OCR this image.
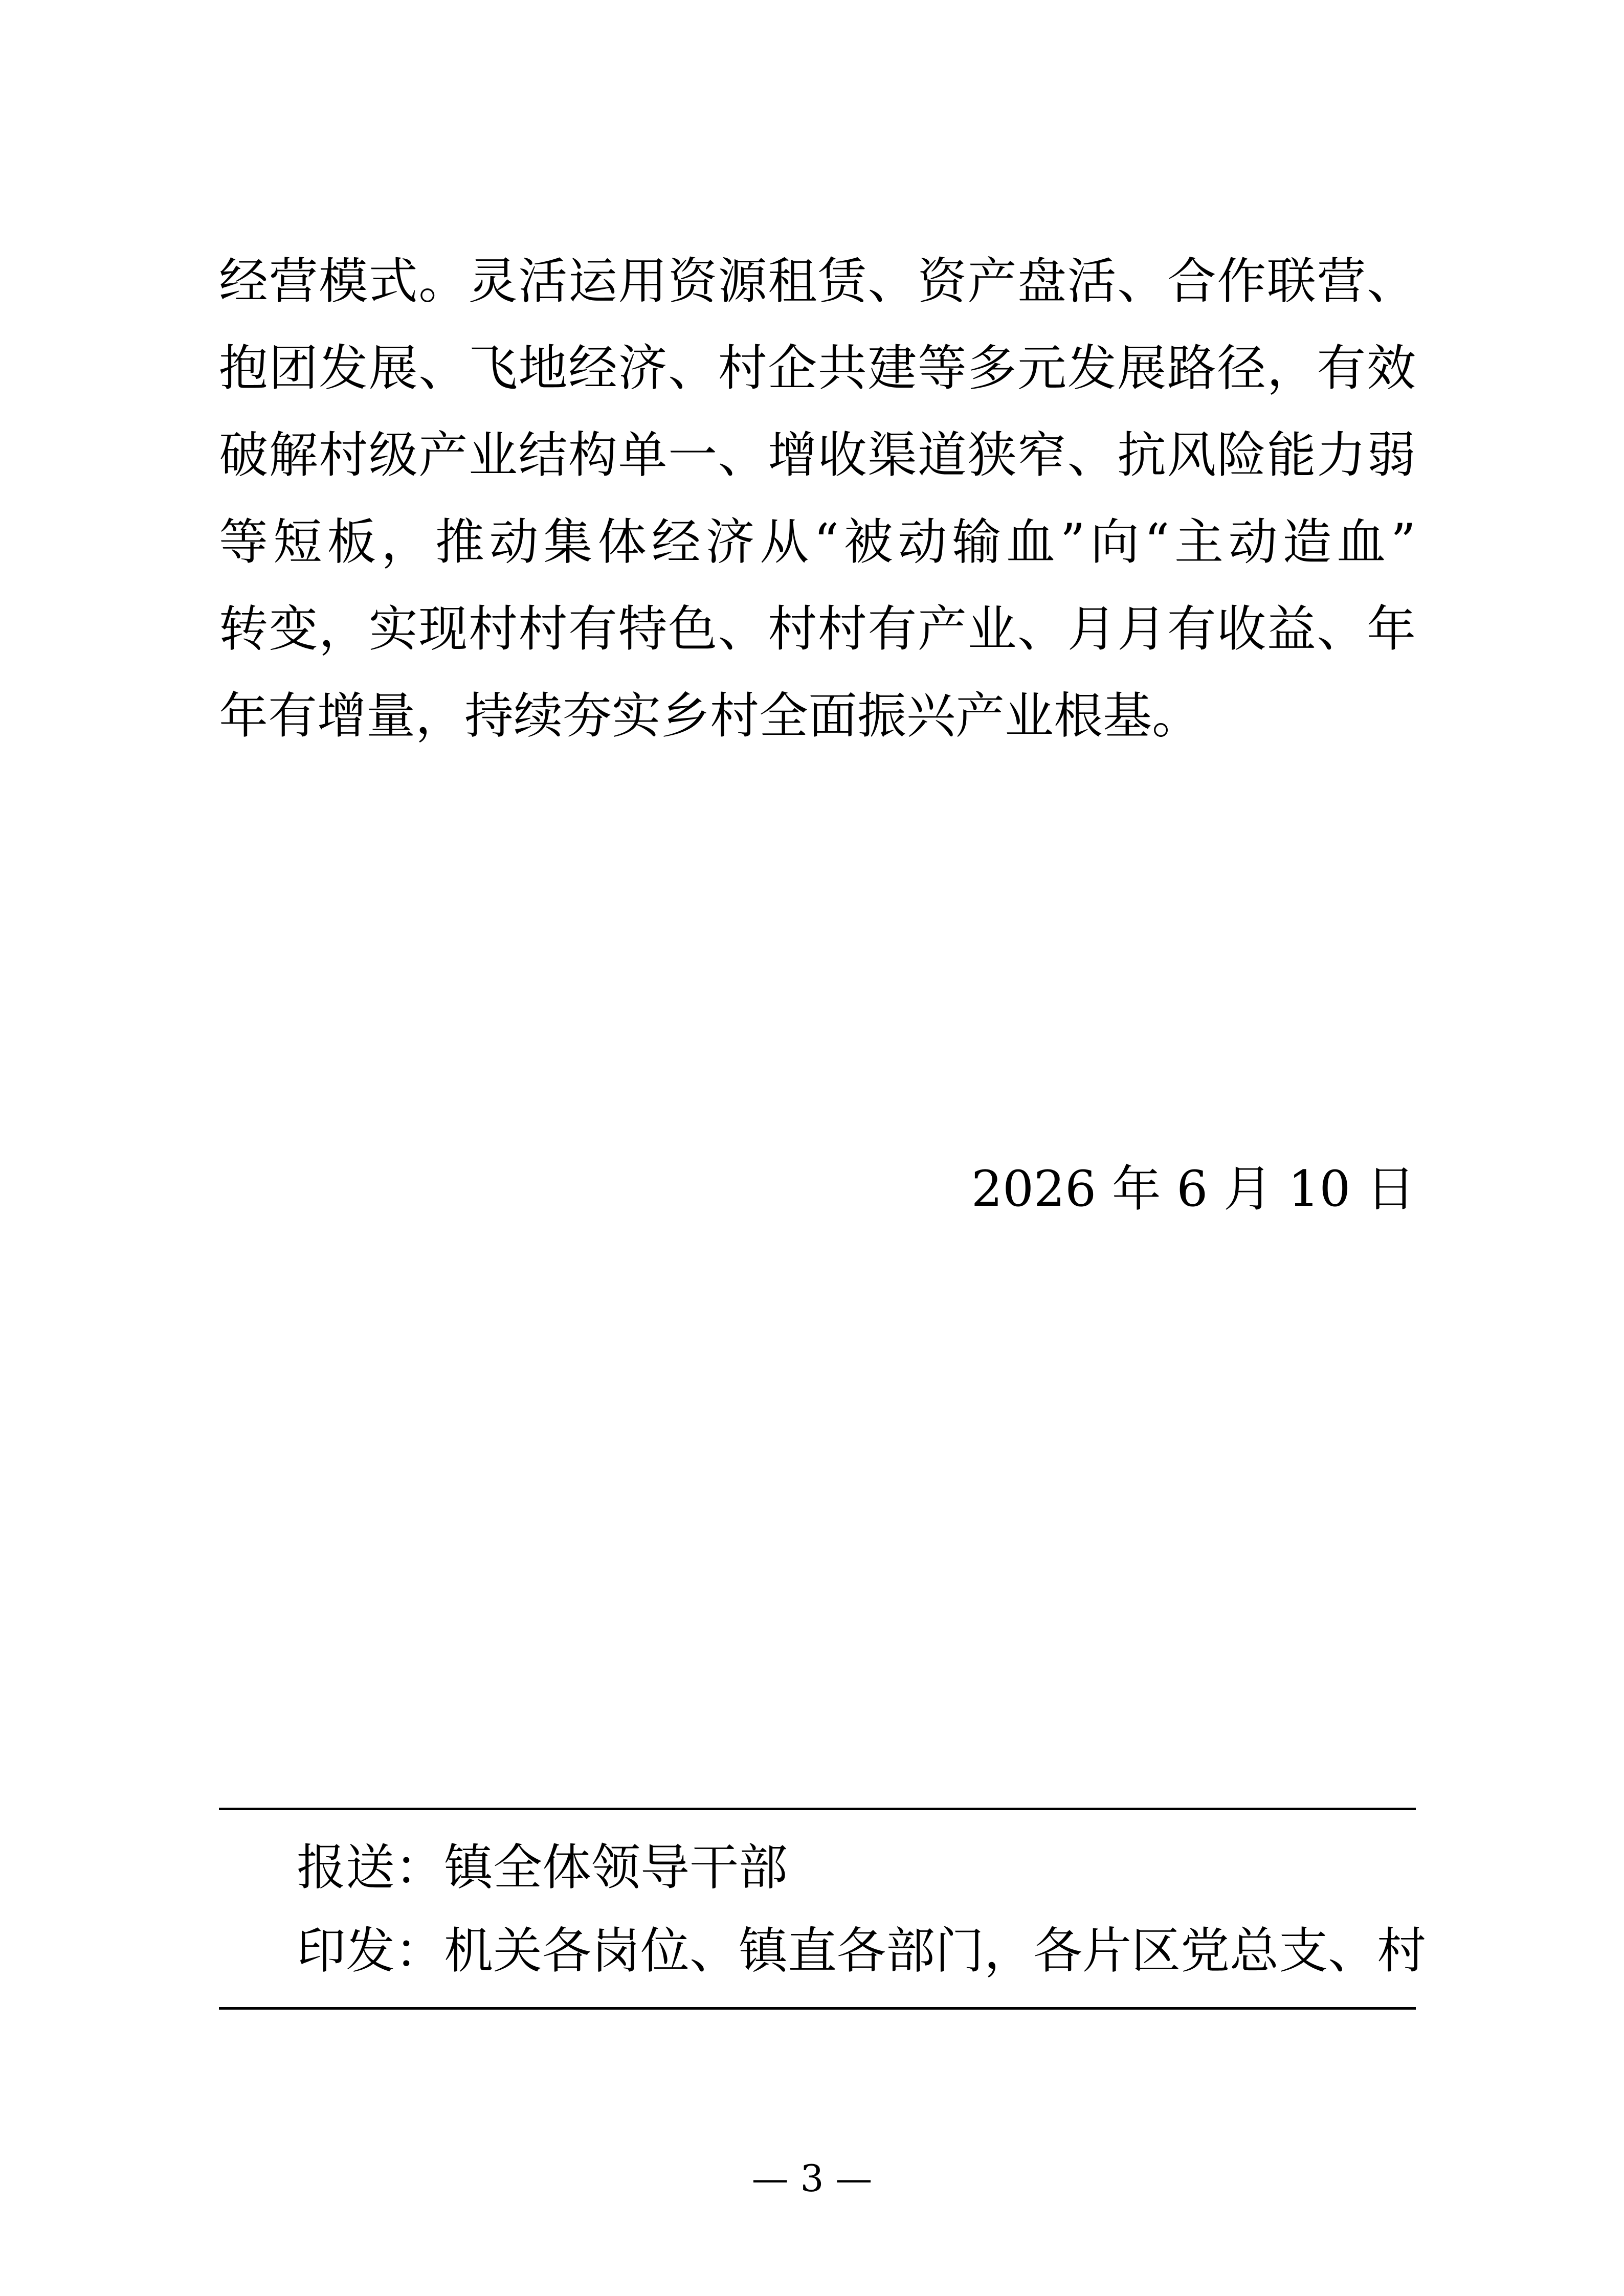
经营模式。灵活运用资源租赁、资产盘活、合作联营、
抱团发展、飞地经济、村企共建等多元发展路径，有效
破解村级产业结构单一、增收渠道狭窄、抗风险能力弱
等短板，推动集体经济从“被动输血”向“主动造血”
转变，实现村村有特色、村村有产业、月月有收益、年
年有增量，持续夯实乡村全面振兴产业根基。
2026 年 6 月 10 日
报送：镇全体领导干部
印发：机关各岗位、镇直各部门，各片区党总支、村
— 3 —
